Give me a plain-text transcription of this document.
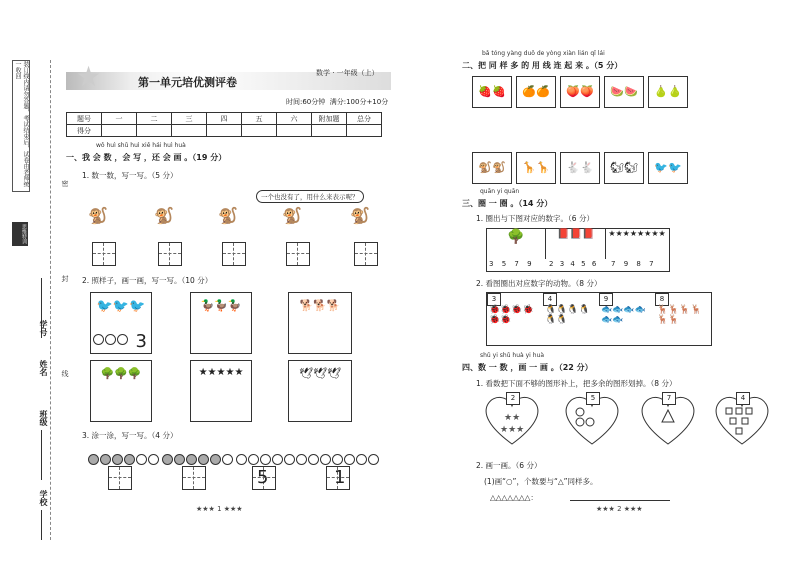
装订线内请勿答题，考试结束后，试卷由老师统一收回
思维特训
姓名
学号
班级
学校
密
封
线
★	第一单元培优测评卷
数学 · 一年级（上）
时间:60分钟 满分:100分+10分
题号	一	二	三	四	五	六	附加题	总分
得分								
wǒ huì shǔ huì xiě hái huì huà
一、我 会 数 ，会 写 ，还 会 画 。（19 分）
1. 数一数，写一写。（5 分）
一个也没有了，用什么来表示呢？
🐒	🐒	🐒	🐒	🐒
2. 照样子，画一画，写一写。（10 分）
🐦🐦🐦
3
🦆🦆🦆	🐕🐕🐕
🌳🌳🌳	★★★★★	🕊🕊🕊
3. 涂一涂，写一写。（4 分）
5	1
★★★ 1 ★★★
bǎ tóng yàng duō de yòng xiàn lián qǐ lái
二、把 同 样 多 的 用 线 连 起 来 。（5 分）
🍓🍓	🍊🍊	🍑🍑	🍉🍉	🍐🍐
🐒🐒	🦒🦒	🐇🐇	🐿🐿	🐦🐦
quān yi quān
三、圈 一 圈 。（14 分）
1. 圈出与下图对应的数字。（6 分）
🌳	📕📕📕	★★★★★★★★
3 5 7 9 2 3 4 5 6 7 9 8 7
2. 看图圈出对应数字的动物。（8 分）
3
🐞🐞🐞🐞🐞🐞
4
🐧🐧🐧🐧🐧🐧
9
🐟🐟🐟🐟🐟🐟
8
🦌🦌🦌🦌🦌🦌
shǔ yi shǔ huà yi huà
四、数 一 数 ，画 一 画 。（22 分）
1. 看数把下面不够的图形补上，把多余的图形划掉。（8 分）
★★
★★★
2	5	7	4
2. 画一画。（6 分）
(1)画“○”，个数要与“△”同样多。
△△△△△△△：
★★★ 2 ★★★
